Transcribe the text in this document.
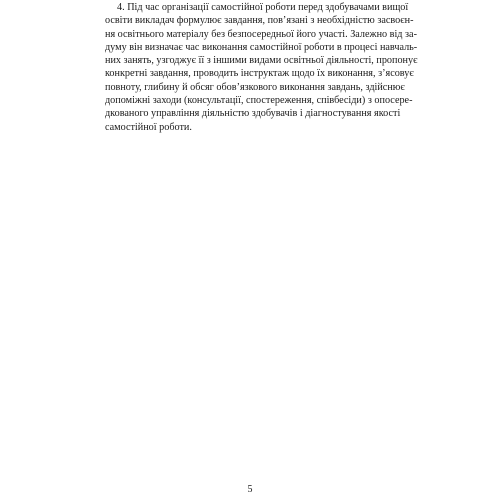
4. Під час організації самостійної роботи перед здобувачами вищої
освіти викладач формулює завдання, пов’язані з необхідністю засвоєн-
ня освітнього матеріалу без безпосередньої його участі. Залежно від за-
думу він визначає час виконання самостійної роботи в процесі навчаль-
них занять, узгоджує її з іншими видами освітньої діяльності, пропонує
конкретні завдання, проводить інструктаж щодо їх виконання, з’ясовує
повноту, глибину й обсяг обов’язкового виконання завдань, здійснює
допоміжні заходи (консультації, спостереження, співбесіди) з опосере-
дкованого управління діяльністю здобувачів і діагностування якості
самостійної роботи.
5
